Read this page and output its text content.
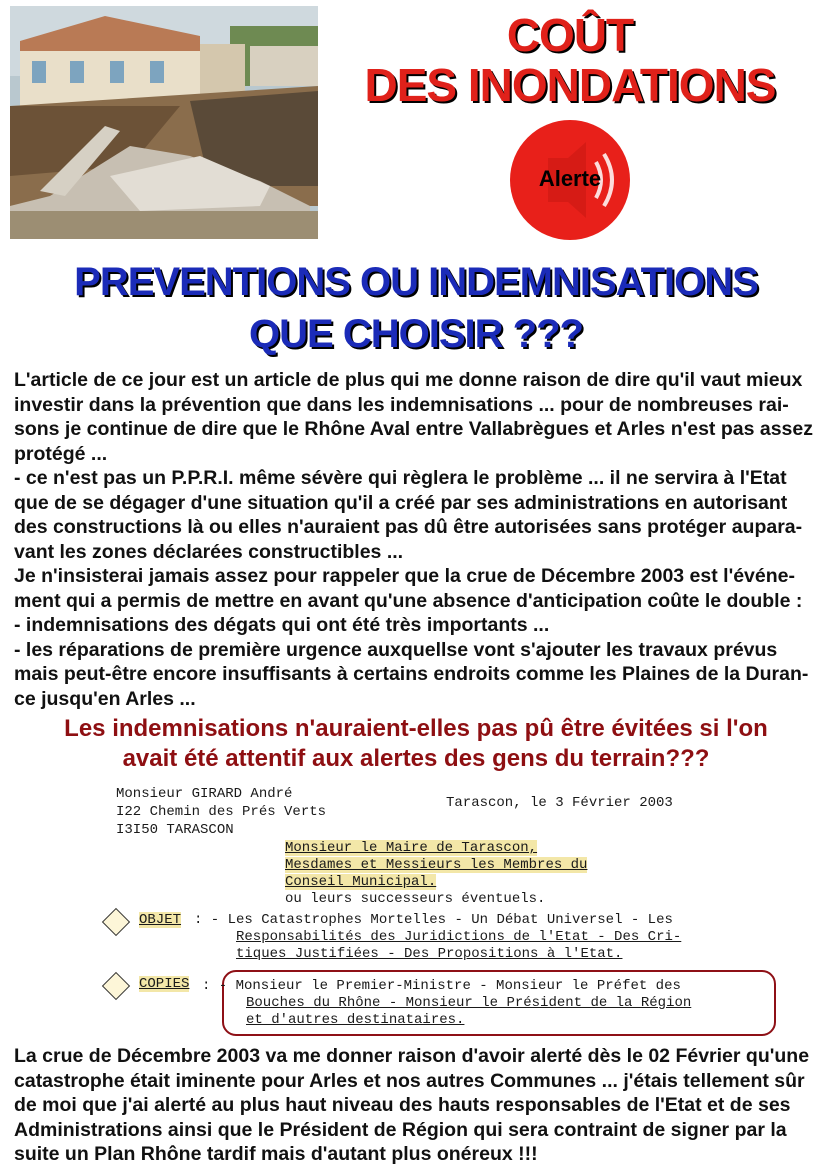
COÛT
DES INONDATIONS
Alerte
PREVENTIONS OU INDEMNISATIONS
QUE CHOISIR ???
L'article de ce jour est un article de plus qui me donne raison de dire qu'il vaut mieux
investir dans la prévention que dans les indemnisations ... pour de nombreuses rai-
sons je continue de dire que le Rhône Aval entre Vallabrègues et Arles n'est pas assez
protégé ...
- ce n'est pas un P.P.R.I. même sévère qui règlera le problème ... il ne servira à l'Etat
que de se dégager d'une situation qu'il a créé par ses administrations en autorisant
des constructions là ou elles n'auraient pas dû être autorisées sans protéger aupara-
vant les zones déclarées constructibles ...
Je n'insisterai jamais assez pour rappeler que la crue de Décembre 2003 est l'événe-
ment qui a permis de mettre en avant qu'une absence d'anticipation coûte le double :
- indemnisations des dégats qui ont été très importants ...
- les réparations de première urgence auxquellse vont s'ajouter les travaux prévus
mais peut-être encore insuffisants à certains endroits comme les Plaines de la Duran-
ce jusqu'en Arles ...
Les indemnisations n'auraient-elles pas pû être évitées si l'on
avait été attentif aux alertes des gens du terrain???
Monsieur GIRARD André
I22 Chemin des Prés Verts
I3I50 TARASCON
Tarascon, le 3 Février 2003
Monsieur le Maire de Tarascon,
Mesdames et Messieurs les Membres du
Conseil Municipal.
ou leurs successeurs éventuels.
OBJET : - Les Catastrophes Mortelles - Un Débat Universel - Les
Responsabilités des Juridictions de l'Etat - Des Cri-
tiques Justifiées - Des Propositions à l'Etat.
COPIES : - Monsieur le Premier-Ministre - Monsieur le Préfet des
Bouches du Rhône - Monsieur le Président de la Région
et d'autres destinataires.
La crue de Décembre 2003 va me donner raison d'avoir alerté dès le 02 Février qu'une
catastrophe était iminente pour Arles et nos autres Communes ... j'étais tellement sûr
de moi que j'ai alerté au plus haut niveau des hauts responsables de l'Etat et de ses
Administrations ainsi que le Président de Région qui sera contraint de signer par la
suite un Plan Rhône tardif mais d'autant plus onéreux !!!
